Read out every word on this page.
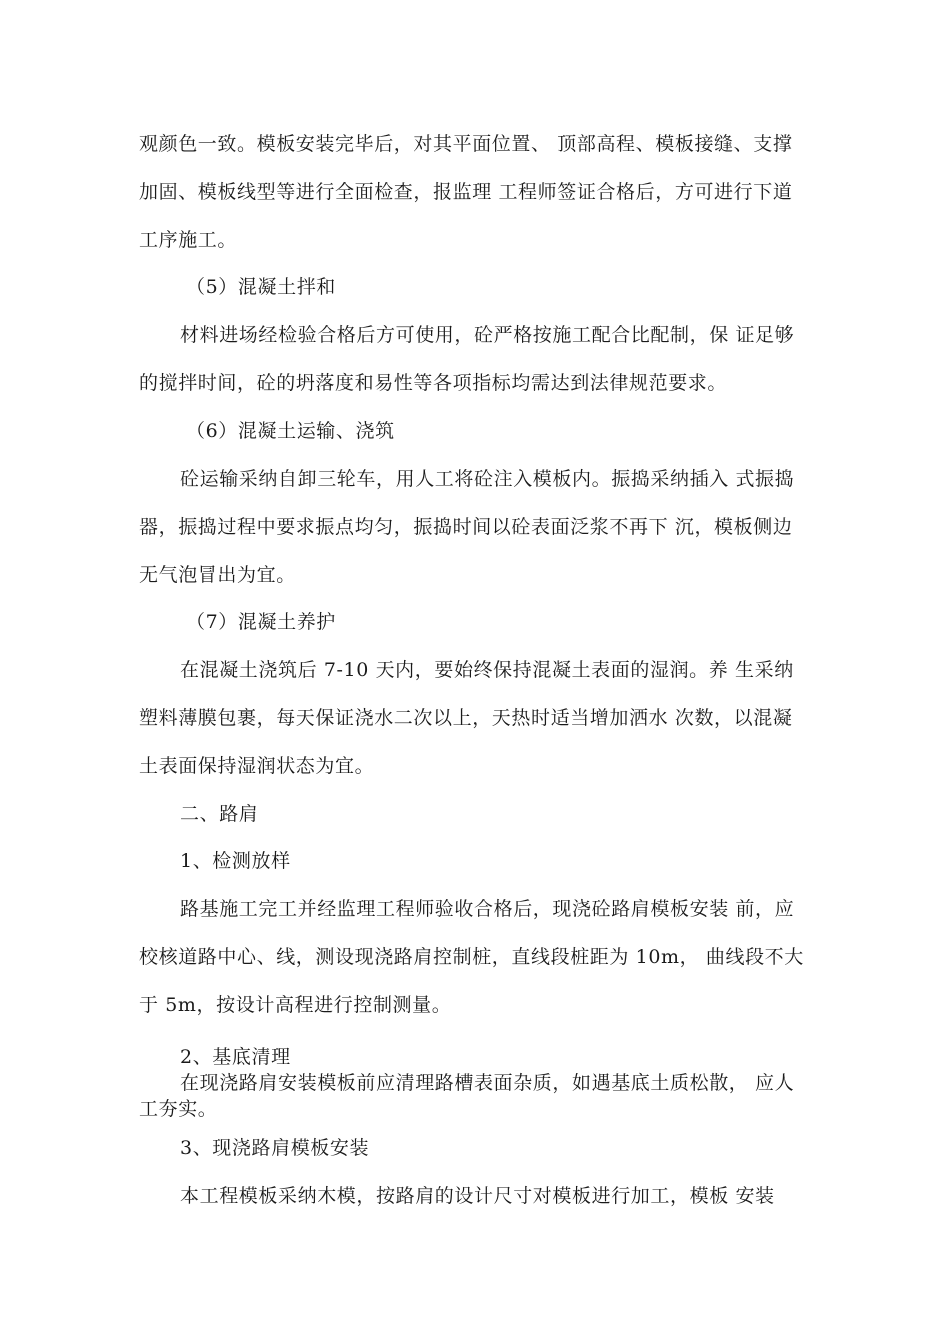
观颜色一致。模板安装完毕后，对其平面位置、 顶部高程、模板接缝、支撑
加固、模板线型等进行全面检查，报监理 工程师签证合格后，方可进行下道
工序施工。
（5）混凝土拌和
材料进场经检验合格后方可使用，砼严格按施工配合比配制，保 证足够
的搅拌时间，砼的坍落度和易性等各项指标均需达到法律规范要求。
（6）混凝土运输、浇筑
砼运输采纳自卸三轮车，用人工将砼注入模板内。振捣采纳插入 式振捣
器，振捣过程中要求振点均匀，振捣时间以砼表面泛浆不再下 沉，模板侧边
无气泡冒出为宜。
（7）混凝土养护
在混凝土浇筑后 7-10 天内，要始终保持混凝土表面的湿润。养 生采纳
塑料薄膜包裹，每天保证浇水二次以上，天热时适当增加洒水 次数，以混凝
土表面保持湿润状态为宜。
二、路肩
1、检测放样
路基施工完工并经监理工程师验收合格后，现浇砼路肩模板安装 前，应
校核道路中心、线，测设现浇路肩控制桩，直线段桩距为 10m， 曲线段不大
于 5m，按设计高程进行控制测量。
2、基底清理
在现浇路肩安装模板前应清理路槽表面杂质，如遇基底土质松散， 应人
工夯实。
3、现浇路肩模板安装
本工程模板采纳木模，按路肩的设计尺寸对模板进行加工，模板 安装
